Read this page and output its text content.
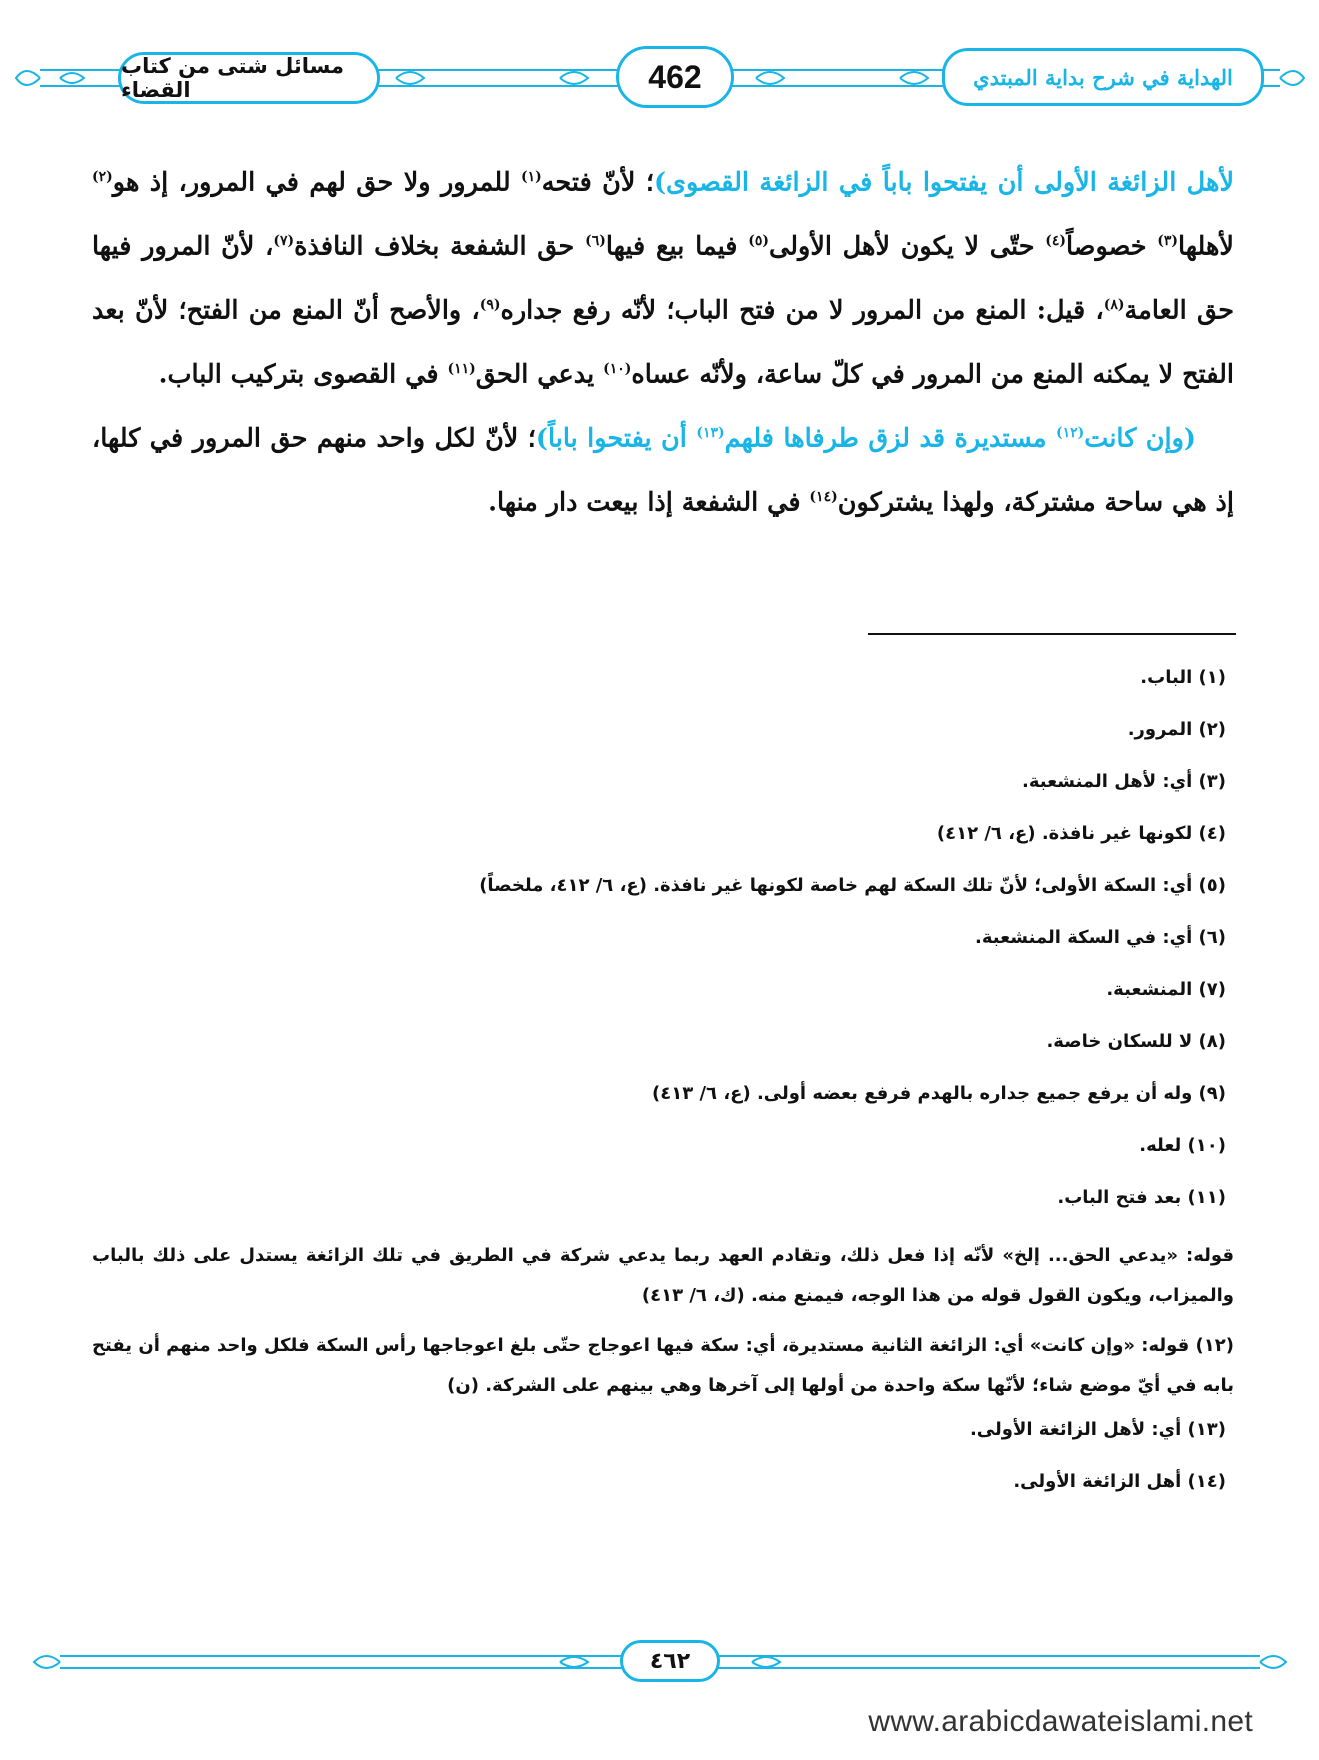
مسائل شتى من كتاب القضاء	462	الهداية في شرح بداية المبتدي

لأهل الزائغة الأولى أن يفتحوا باباً في الزائغة القصوى)؛ لأنّ فتحه$^{(١)}$ للمرور ولا حق لهم في المرور، إذ هو$^{(٢)}$ لأهلها$^{(٣)}$ خصوصاً$^{(٤)}$ حتّى لا يكون لأهل الأولى$^{(٥)}$ فيما بيع فيها$^{(٦)}$ حق الشفعة بخلاف النافذة$^{(٧)}$، لأنّ المرور فيها حق العامة$^{(٨)}$، قيل: المنع من المرور لا من فتح الباب؛ لأنّه رفع جداره$^{(٩)}$، والأصح أنّ المنع من الفتح؛ لأنّ بعد الفتح لا يمكنه المنع من المرور في كلّ ساعة، ولأنّه عساه$^{(١٠)}$ يدعي الحق$^{(١١)}$ في القصوى بتركيب الباب.

(وإن كانت$^{(١٢)}$ مستديرة قد لزق طرفاها فلهم$^{(١٣)}$ أن يفتحوا باباً)؛ لأنّ لكل واحد منهم حق المرور في كلها، إذ هي ساحة مشتركة، ولهذا يشتركون$^{(١٤)}$ في الشفعة إذا بيعت دار منها.

(١) الباب.

(٢) المرور.

(٣) أي: لأهل المنشعبة.

(٤) لكونها غير نافذة. (ع، ٦/ ٤١٢)

(٥) أي: السكة الأولى؛ لأنّ تلك السكة لهم خاصة لكونها غير نافذة. (ع، ٦/ ٤١٢، ملخصاً)

(٦) أي: في السكة المنشعبة.

(٧) المنشعبة.

(٨) لا للسكان خاصة.

(٩) وله أن يرفع جميع جداره بالهدم فرفع بعضه أولى. (ع، ٦/ ٤١٣)

(١٠) لعله.

(١١) بعد فتح الباب.

قوله: «يدعي الحق... إلخ» لأنّه إذا فعل ذلك، وتقادم العهد ربما يدعي شركة في الطريق في تلك الزائغة يستدل على ذلك بالباب والميزاب، ويكون القول قوله من هذا الوجه، فيمنع منه. (ك، ٦/ ٤١٣)

(١٢) قوله: «وإن كانت» أي: الزائغة الثانية مستديرة، أي: سكة فيها اعوجاج حتّى بلغ اعوجاجها رأس السكة فلكل واحد منهم أن يفتح بابه في أيّ موضع شاء؛ لأنّها سكة واحدة من أولها إلى آخرها وهي بينهم على الشركة. (ن)

(١٣) أي: لأهل الزائغة الأولى.

(١٤) أهل الزائغة الأولى.

٤٦٢
www.arabicdawateislami.net
